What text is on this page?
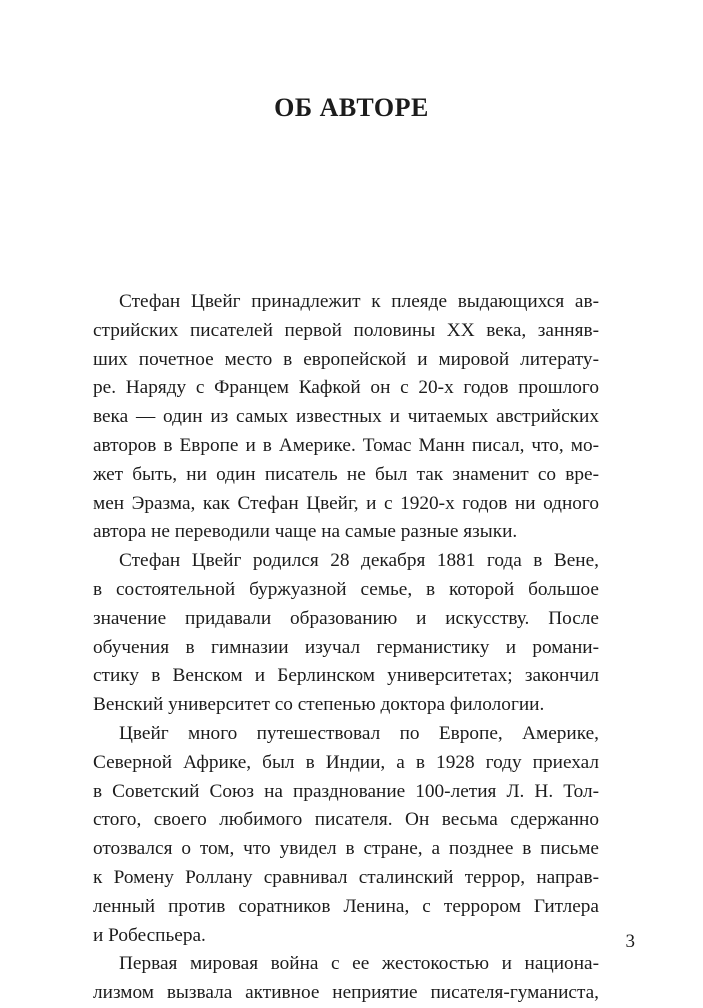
ОБ АВТОРЕ
Стефан Цвейг принадлежит к плеяде выдающихся ав-
стрийских писателей первой половины XX века, занняв-
ших почетное место в европейской и мировой литерату-
ре. Наряду с Францем Кафкой он с 20-х годов прошлого
века — один из самых известных и читаемых австрийских
авторов в Европе и в Америке. Томас Манн писал, что, мо-
жет быть, ни один писатель не был так знаменит со вре-
мен Эразма, как Стефан Цвейг, и с 1920-х годов ни одного
автора не переводили чаще на самые разные языки.
Стефан Цвейг родился 28 декабря 1881 года в Вене,
в состоятельной буржуазной семье, в которой большое
значение придавали образованию и искусству. После
обучения в гимназии изучал германистику и романи-
стику в Венском и Берлинском университетах; закончил
Венский университет со степенью доктора филологии.
Цвейг много путешествовал по Европе, Америке,
Северной Африке, был в Индии, а в 1928 году приехал
в Советский Союз на празднование 100-летия Л. Н. Тол-
стого, своего любимого писателя. Он весьма сдержанно
отозвался о том, что увидел в стране, а позднее в письме
к Ромену Роллану сравнивал сталинский террор, направ-
ленный против соратников Ленина, с террором Гитлера
и Робеспьера.
Первая мировая война с ее жестокостью и национа-
лизмом вызвала активное неприятие писателя-гуманиста,
3
